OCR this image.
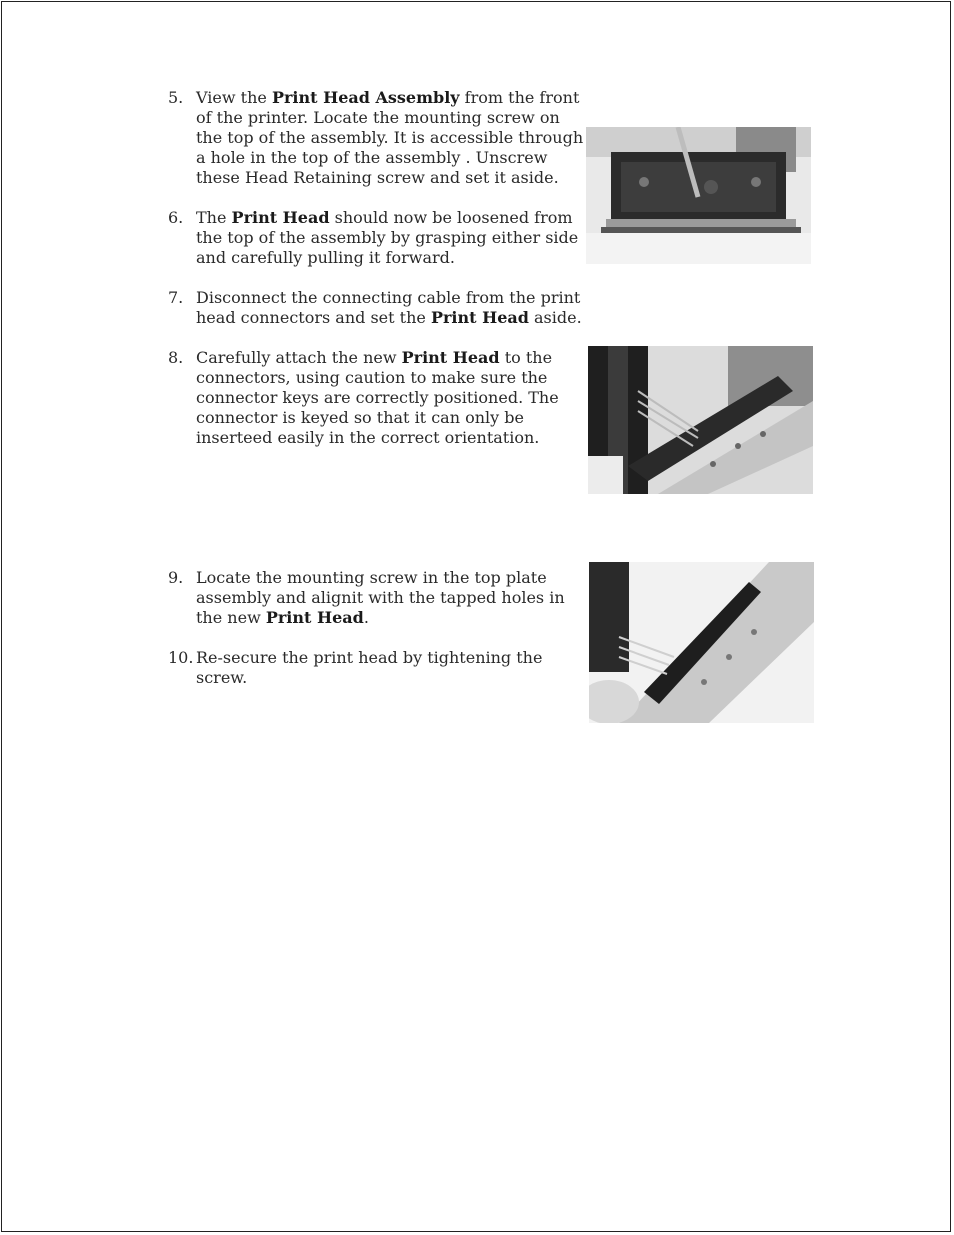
5. View the Print Head Assembly from the front of the printer. Locate the mounting screw on the top of the assembly. It is accessible through a hole in the top of the assembly . Unscrew these Head Retaining screw and set it aside.
6. The Print Head should now be loosened from the top of the assembly by grasping either side and carefully pulling it forward.
7. Disconnect the connecting cable from the print head connectors and set the Print Head aside.
8. Carefully attach the new Print Head to the connectors, using caution to make sure the connector keys are correctly positioned. The connector is keyed so that it can only be inserteed easily in the correct orientation.
9. Locate the mounting screw in the top plate assembly and alignit with the tapped holes in the new Print Head.
10. Re-secure the print head by tightening the screw.
